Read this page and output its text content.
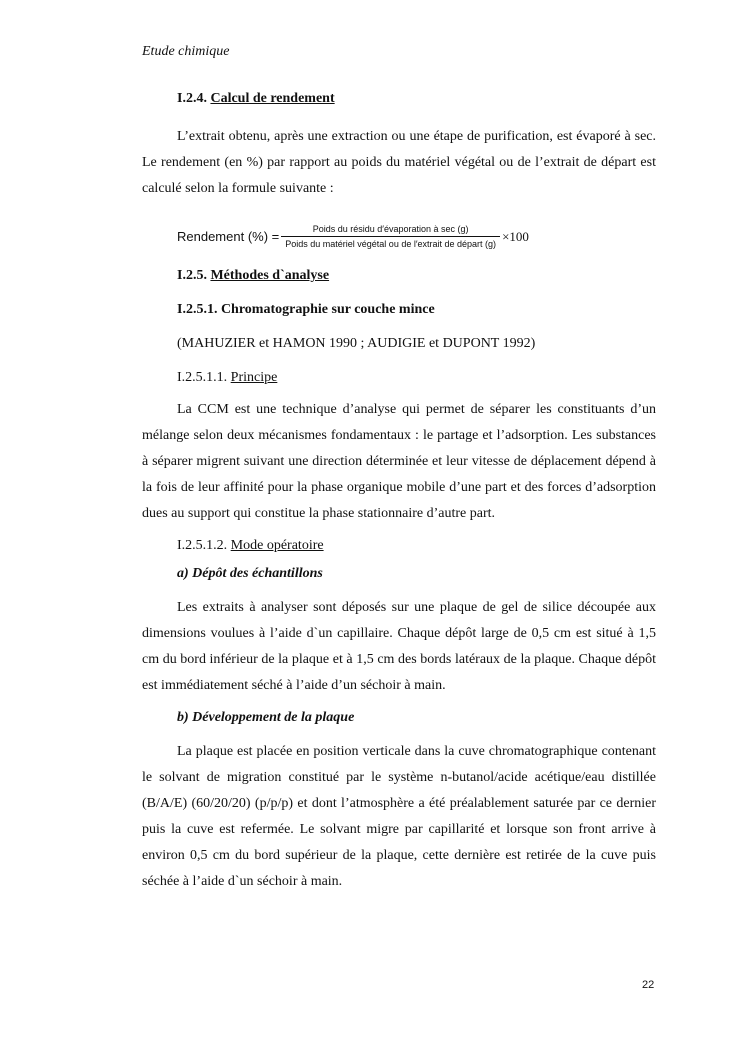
Etude chimique

I.2.4. Calcul de rendement

L’extrait obtenu, après une extraction ou une étape de purification, est évaporé à sec. Le rendement (en %) par rapport au poids du matériel végétal ou de l’extrait de départ est calculé selon la formule suivante :

Rendement (%) = $\frac{\text{Poids du résidu d′évaporation à sec (g)}}{\text{Poids du matériel végétal ou de l′extrait de départ (g)}} \times 100$

I.2.5. Méthodes d`analyse

I.2.5.1. Chromatographie sur couche mince

(MAHUZIER et HAMON 1990 ; AUDIGIE et DUPONT 1992)

I.2.5.1.1. Principe

La CCM est une technique d’analyse qui permet de séparer les constituants d’un mélange selon deux mécanismes fondamentaux : le partage et l’adsorption. Les substances à séparer migrent suivant une direction déterminée et leur vitesse de déplacement dépend à la fois de leur affinité pour la phase organique mobile d’une part et des forces d’adsorption dues au support qui constitue la phase stationnaire d’autre part.

I.2.5.1.2. Mode opératoire

a) Dépôt des échantillons

Les extraits à analyser sont déposés sur une plaque de gel de silice découpée aux dimensions voulues à l’aide d`un capillaire. Chaque dépôt large de 0,5 cm est situé à 1,5 cm du bord inférieur de la plaque et à 1,5 cm des bords latéraux de la plaque. Chaque dépôt est immédiatement séché à l’aide d’un séchoir à main.

b) Développement de la plaque

La plaque est placée en position verticale dans la cuve chromatographique contenant le solvant de migration constitué par le système n-butanol/acide acétique/eau distillée (B/A/E) (60/20/20) (p/p/p) et dont l’atmosphère a été préalablement saturée par ce dernier puis la cuve est refermée. Le solvant migre par capillarité et lorsque son front arrive à environ 0,5 cm du bord supérieur de la plaque, cette dernière est retirée de la cuve puis séchée à l’aide d`un séchoir à main.

22
